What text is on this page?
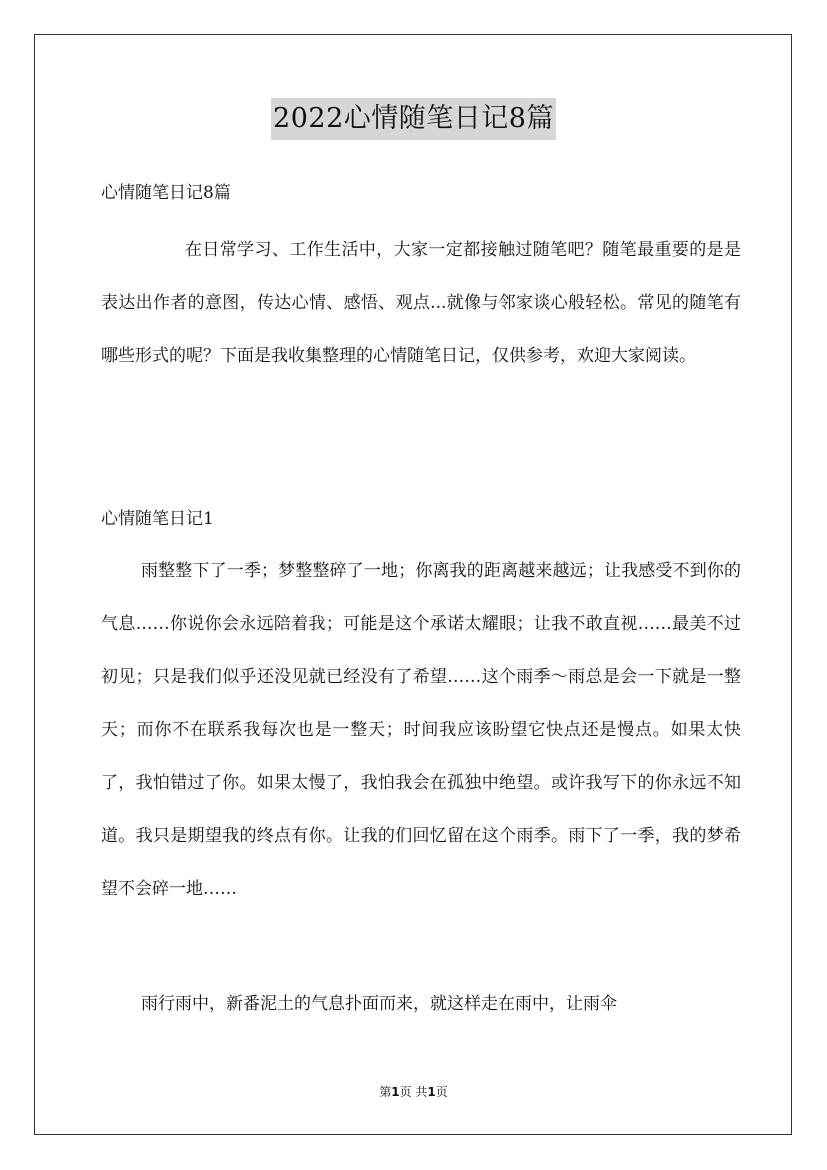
2022心情随笔日记8篇
心情随笔日记8篇

在日常学习、工作生活中，大家一定都接触过随笔吧？随笔最重要的是是表达出作者的意图，传达心情、感悟、观点...就像与邻家谈心般轻松。常见的随笔有哪些形式的呢？下面是我收集整理的心情随笔日记，仅供参考，欢迎大家阅读。

心情随笔日记1

雨整整下了一季；梦整整碎了一地；你离我的距离越来越远；让我感受不到你的气息……你说你会永远陪着我；可能是这个承诺太耀眼；让我不敢直视……最美不过初见；只是我们似乎还没见就已经没有了希望……这个雨季～雨总是会一下就是一整天；而你不在联系我每次也是一整天；时间我应该盼望它快点还是慢点。如果太快了，我怕错过了你。如果太慢了，我怕我会在孤独中绝望。或许我写下的你永远不知道。我只是期望我的终点有你。让我的们回忆留在这个雨季。雨下了一季，我的梦希望不会碎一地……

雨行雨中，新番泥土的气息扑面而来，就这样走在雨中，让雨伞

第1页 共1页
